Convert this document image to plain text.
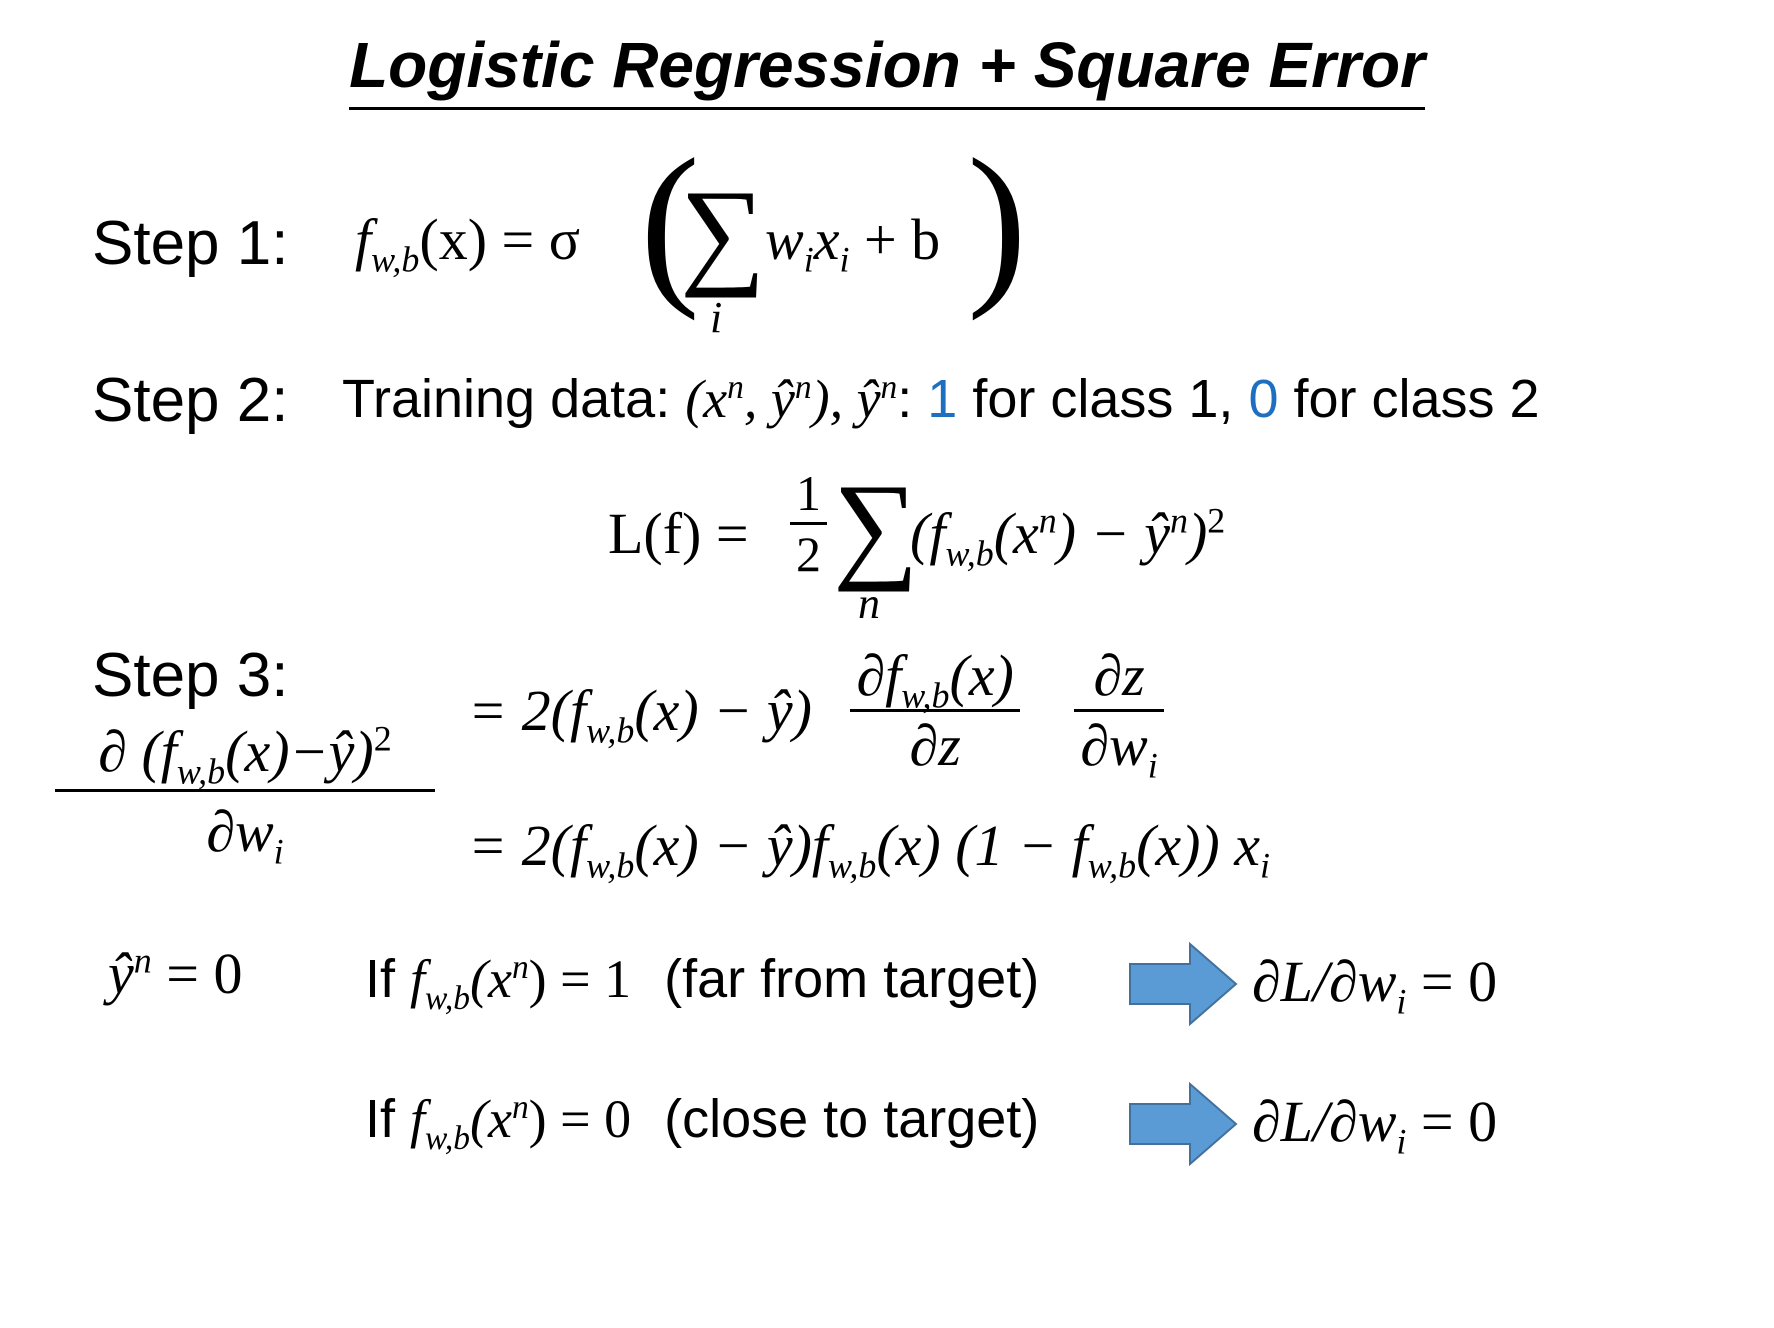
Logistic Regression + Square Error
Step 1: $f_{w,b}(x) = \sigma$ (
∑
i
$w_ix_i + b$ )
Step 2: Training data: ($x^n$, $ŷ^n$), $ŷ^n$: 1 for class 1, 0 for class 2
$L(f) = \frac{1}{2}$ ∑
n
($f_{w,b}(x^n)$ − $ŷ^n)^2$
Step 3:
∂ $(f_{w,b}(x)-ŷ)^2$
$\partial w_i$
= $2(f_{w,b}(x)$ − ŷ) $\frac{\partial f_{w,b}(x)}{\partial z}$
$\frac{\partial z}{\partial w_i}$
= $2(f_{w,b}(x)$ − $ŷ)f_{w,b}(x)$ $(1 - f_{w,b}(x))$ $x_i$
$ŷ^n = 0$ If $f_{w,b}(x^n) = 1$ (far from target)	$\partial L/\partial w_i = 0$
If $f_{w,b}(x^n) = 0$ (close to target)	$\partial L/\partial w_i = 0$
